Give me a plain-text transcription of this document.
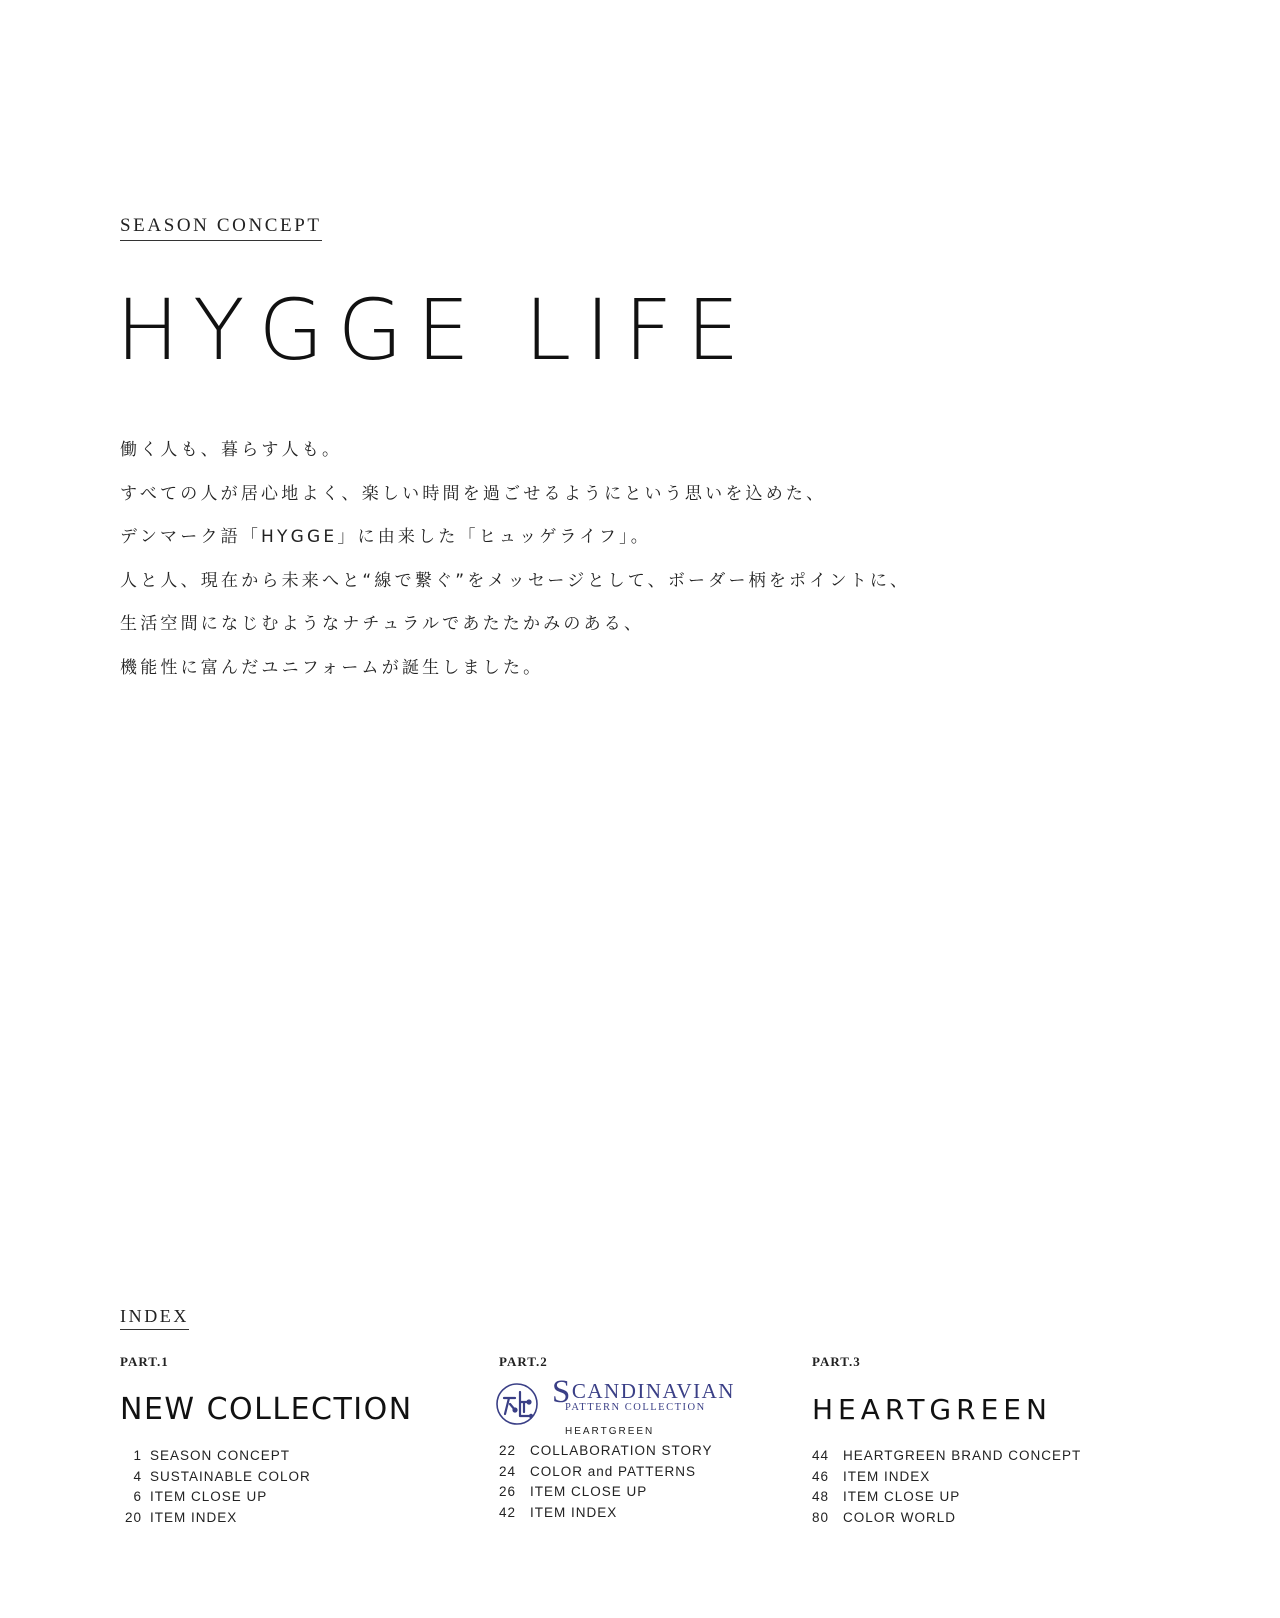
SEASON CONCEPT
HYGGE LIFE
働く人も、暮らす人も。
すべての人が居心地よく、楽しい時間を過ごせるようにという思いを込めた、
デンマーク語「HYGGE」に由来した「ヒュッゲライフ」。
人と人、現在から未来へと“線で繋ぐ”をメッセージとして、ボーダー柄をポイントに、
生活空間になじむようなナチュラルであたたかみのある、
機能性に富んだユニフォームが誕生しました。
INDEX
PART.1
NEW COLLECTION
1 SEASON CONCEPT
4 SUSTAINABLE COLOR
6 ITEM CLOSE UP
20 ITEM INDEX
PART.2
SCANDINAVIAN
PATTERN COLLECTION
HEARTGREEN
22 COLLABORATION STORY
24 COLOR and PATTERNS
26 ITEM CLOSE UP
42 ITEM INDEX
PART.3
HEARTGREEN
44 HEARTGREEN BRAND CONCEPT
46 ITEM INDEX
48 ITEM CLOSE UP
80 COLOR WORLD
